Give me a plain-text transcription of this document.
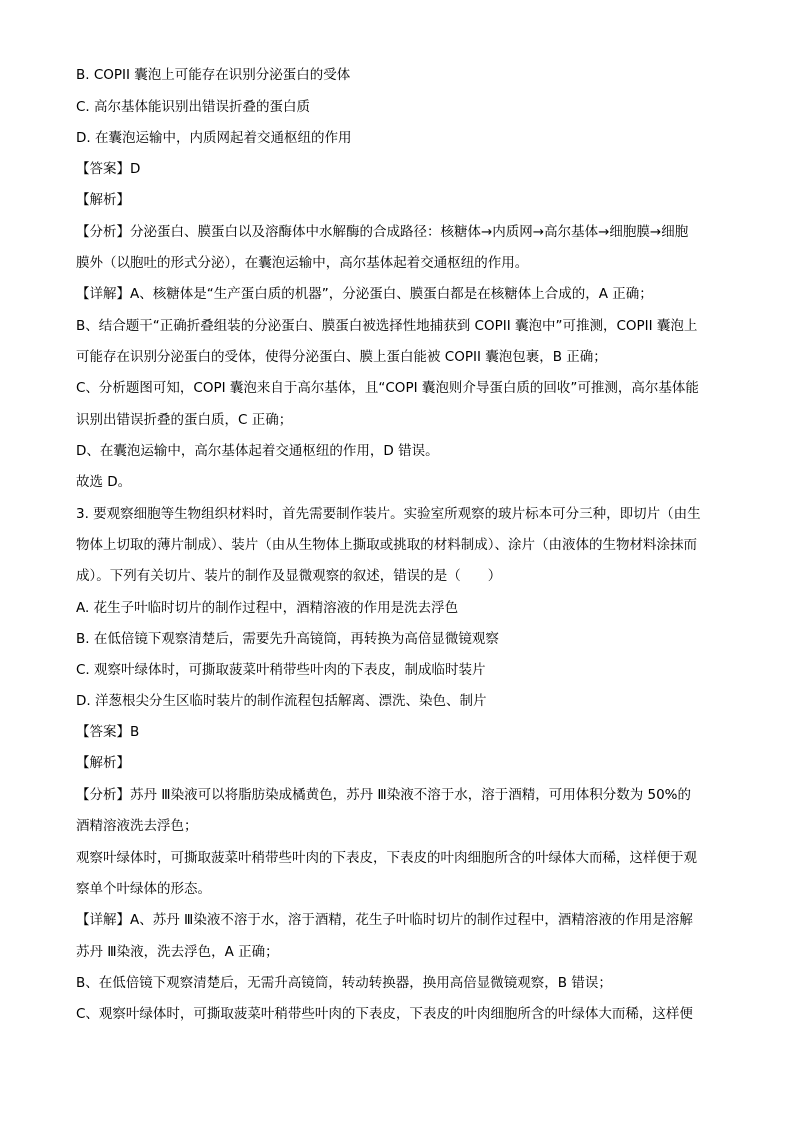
B. COPII 囊泡上可能存在识别分泌蛋白的受体
C. 高尔基体能识别出错误折叠的蛋白质
D. 在囊泡运输中，内质网起着交通枢纽的作用
【答案】D
【解析】
【分析】分泌蛋白、膜蛋白以及溶酶体中水解酶的合成路径：核糖体→内质网→高尔基体→细胞膜→细胞
膜外（以胞吐的形式分泌），在囊泡运输中，高尔基体起着交通枢纽的作用。
【详解】A、核糖体是“生产蛋白质的机器”，分泌蛋白、膜蛋白都是在核糖体上合成的，A 正确；
B、结合题干“正确折叠组装的分泌蛋白、膜蛋白被选择性地捕获到 COPII 囊泡中”可推测，COPII 囊泡上
可能存在识别分泌蛋白的受体，使得分泌蛋白、膜上蛋白能被 COPII 囊泡包裹，B 正确；
C、分析题图可知，COPI 囊泡来自于高尔基体，且“COPI 囊泡则介导蛋白质的回收”可推测，高尔基体能
识别出错误折叠的蛋白质，C 正确；
D、在囊泡运输中，高尔基体起着交通枢纽的作用，D 错误。
故选 D。
3. 要观察细胞等生物组织材料时，首先需要制作装片。实验室所观察的玻片标本可分三种，即切片（由生
物体上切取的薄片制成）、装片（由从生物体上撕取或挑取的材料制成）、涂片（由液体的生物材料涂抹而
成）。下列有关切片、装片的制作及显微观察的叙述，错误的是（　　）
A. 花生子叶临时切片的制作过程中，酒精溶液的作用是洗去浮色
B. 在低倍镜下观察清楚后，需要先升高镜筒，再转换为高倍显微镜观察
C. 观察叶绿体时，可撕取菠菜叶稍带些叶肉的下表皮，制成临时装片
D. 洋葱根尖分生区临时装片的制作流程包括解离、漂洗、染色、制片
【答案】B
【解析】
【分析】苏丹 Ⅲ染液可以将脂肪染成橘黄色，苏丹 Ⅲ染液不溶于水，溶于酒精，可用体积分数为 50%的
酒精溶液洗去浮色；
观察叶绿体时，可撕取菠菜叶稍带些叶肉的下表皮，下表皮的叶肉细胞所含的叶绿体大而稀，这样便于观
察单个叶绿体的形态。
【详解】A、苏丹 Ⅲ染液不溶于水，溶于酒精，花生子叶临时切片的制作过程中，酒精溶液的作用是溶解
苏丹 Ⅲ染液，洗去浮色，A 正确；
B、在低倍镜下观察清楚后，无需升高镜筒，转动转换器，换用高倍显微镜观察，B 错误；
C、观察叶绿体时，可撕取菠菜叶稍带些叶肉的下表皮，下表皮的叶肉细胞所含的叶绿体大而稀，这样便
